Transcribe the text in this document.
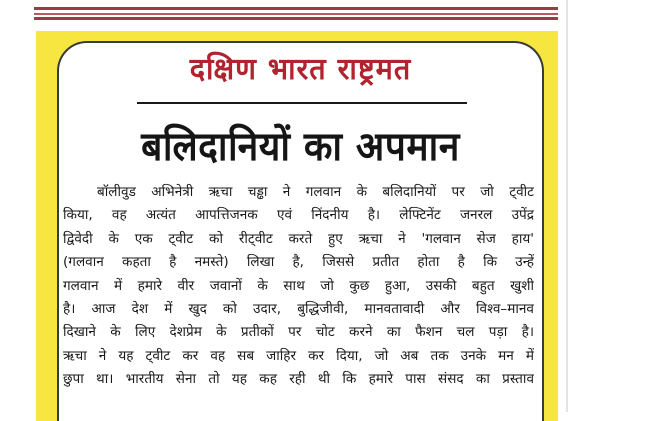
दक्षिण भारत राष्ट्रमत
बलिदानियों का अपमान
बॉलीवुड अभिनेत्री ऋचा चड्ढा ने गलवान के बलिदानियों पर जो ट्वीट
किया, वह अत्यंत आपत्तिजनक एवं निंदनीय है। लेफ्टिनेंट जनरल उपेंद्र
द्विवेदी के एक ट्वीट को रीट्वीट करते हुए ऋचा ने 'गलवान सेज हाय'
(गलवान कहता है नमस्ते) लिखा है, जिससे प्रतीत होता है कि उन्हें
गलवान में हमारे वीर जवानों के साथ जो कुछ हुआ, उसकी बहुत खुशी
है। आज देश में खुद को उदार, बुद्धिजीवी, मानवतावादी और विश्व–मानव
दिखाने के लिए देशप्रेम के प्रतीकों पर चोट करने का फैशन चल पड़ा है।
ऋचा ने यह ट्वीट कर वह सब जाहिर कर दिया, जो अब तक उनके मन में
छुपा था। भारतीय सेना तो यह कह रही थी कि हमारे पास संसद का प्रस्ताव
